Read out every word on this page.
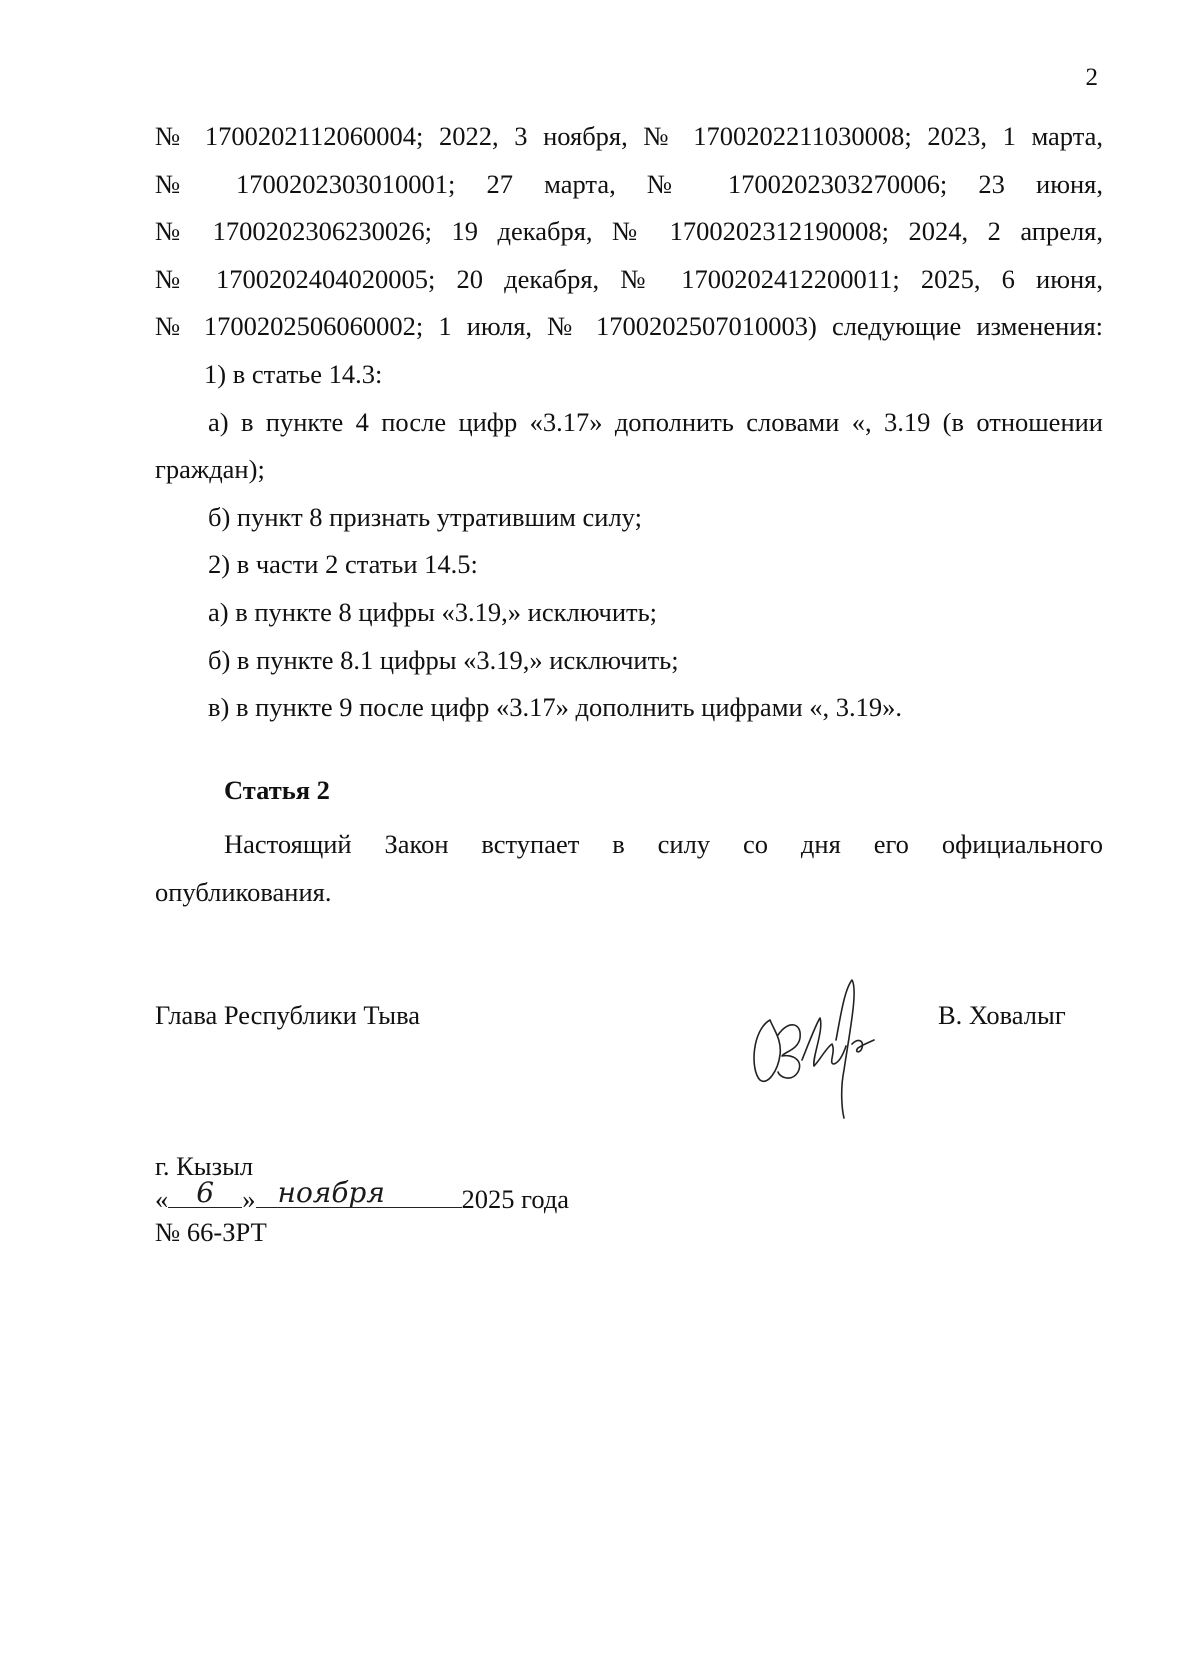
2

№ 1700202112060004; 2022, 3 ноября, № 1700202211030008; 2023, 1 марта,

№ 1700202303010001; 27 марта, № 1700202303270006; 23 июня,

№ 1700202306230026; 19 декабря, № 1700202312190008; 2024, 2 апреля,

№ 1700202404020005; 20 декабря, № 1700202412200011; 2025, 6 июня,

№ 1700202506060002; 1 июля, № 1700202507010003) следующие изменения:

1) в статье 14.3:

а) в пункте 4 после цифр «3.17» дополнить словами «, 3.19 (в отношении

граждан);

б) пункт 8 признать утратившим силу;

2) в части 2 статьи 14.5:

а) в пункте 8 цифры «3.19,» исключить;

б) в пункте 8.1 цифры «3.19,» исключить;

в) в пункте 9 после цифр «3.17» дополнить цифрами «, 3.19».

Статья 2

Настоящий Закон вступает в силу со дня его официального

опубликования.

Глава Республики Тыва	В. Ховалыг
г. Кызыл
« 6 » ноября	2025 года
№ 66-ЗРТ
